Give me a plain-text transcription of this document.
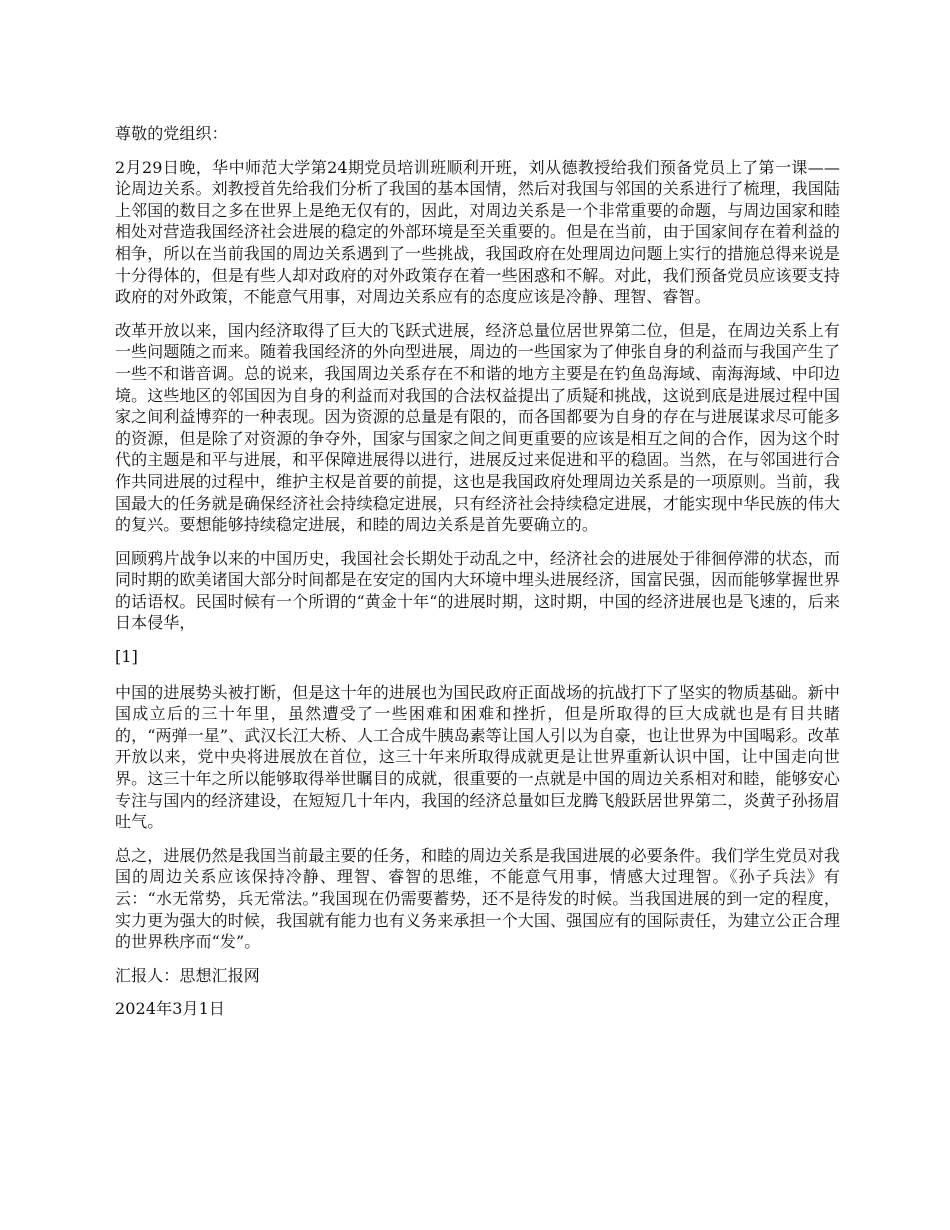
尊敬的党组织：

2月29日晚，华中师范大学第24期党员培训班顺利开班，刘从德教授给我们预备党员上了第一课——论周边关系。刘教授首先给我们分析了我国的基本国情，然后对我国与邻国的关系进行了梳理，我国陆上邻国的数目之多在世界上是绝无仅有的，因此，对周边关系是一个非常重要的命题，与周边国家和睦相处对营造我国经济社会进展的稳定的外部环境是至关重要的。但是在当前，由于国家间存在着利益的相争，所以在当前我国的周边关系遇到了一些挑战，我国政府在处理周边问题上实行的措施总得来说是十分得体的，但是有些人却对政府的对外政策存在着一些困惑和不解。对此，我们预备党员应该要支持政府的对外政策，不能意气用事，对周边关系应有的态度应该是冷静、理智、睿智。

改革开放以来，国内经济取得了巨大的飞跃式进展，经济总量位居世界第二位，但是，在周边关系上有一些问题随之而来。随着我国经济的外向型进展，周边的一些国家为了伸张自身的利益而与我国产生了一些不和谐音调。总的说来，我国周边关系存在不和谐的地方主要是在钓鱼岛海域、南海海域、中印边境。这些地区的邻国因为自身的利益而对我国的合法权益提出了质疑和挑战，这说到底是进展过程中国家之间利益博弈的一种表现。因为资源的总量是有限的，而各国都要为自身的存在与进展谋求尽可能多的资源，但是除了对资源的争夺外，国家与国家之间之间更重要的应该是相互之间的合作，因为这个时代的主题是和平与进展，和平保障进展得以进行，进展反过来促进和平的稳固。当然，在与邻国进行合作共同进展的过程中，维护主权是首要的前提，这也是我国政府处理周边关系是的一项原则。当前，我国最大的任务就是确保经济社会持续稳定进展，只有经济社会持续稳定进展，才能实现中华民族的伟大的复兴。要想能够持续稳定进展，和睦的周边关系是首先要确立的。

回顾鸦片战争以来的中国历史，我国社会长期处于动乱之中，经济社会的进展处于徘徊停滞的状态，而同时期的欧美诸国大部分时间都是在安定的国内大环境中埋头进展经济，国富民强，因而能够掌握世界的话语权。民国时候有一个所谓的“黄金十年“的进展时期，这时期，中国的经济进展也是飞速的，后来日本侵华，

[1]

中国的进展势头被打断，但是这十年的进展也为国民政府正面战场的抗战打下了坚实的物质基础。新中国成立后的三十年里，虽然遭受了一些困难和困难和挫折，但是所取得的巨大成就也是有目共睹的，“两弹一星”、武汉长江大桥、人工合成牛胰岛素等让国人引以为自豪，也让世界为中国喝彩。改革开放以来，党中央将进展放在首位，这三十年来所取得成就更是让世界重新认识中国，让中国走向世界。这三十年之所以能够取得举世瞩目的成就，很重要的一点就是中国的周边关系相对和睦，能够安心专注与国内的经济建设，在短短几十年内，我国的经济总量如巨龙腾飞般跃居世界第二，炎黄子孙扬眉吐气。

总之，进展仍然是我国当前最主要的任务，和睦的周边关系是我国进展的必要条件。我们学生党员对我国的周边关系应该保持冷静、理智、睿智的思维，不能意气用事，情感大过理智。《孙子兵法》有云：“水无常势，兵无常法。”我国现在仍需要蓄势，还不是待发的时候。当我国进展的到一定的程度，实力更为强大的时候，我国就有能力也有义务来承担一个大国、强国应有的国际责任，为建立公正合理的世界秩序而“发”。

汇报人：思想汇报网

2024年3月1日
